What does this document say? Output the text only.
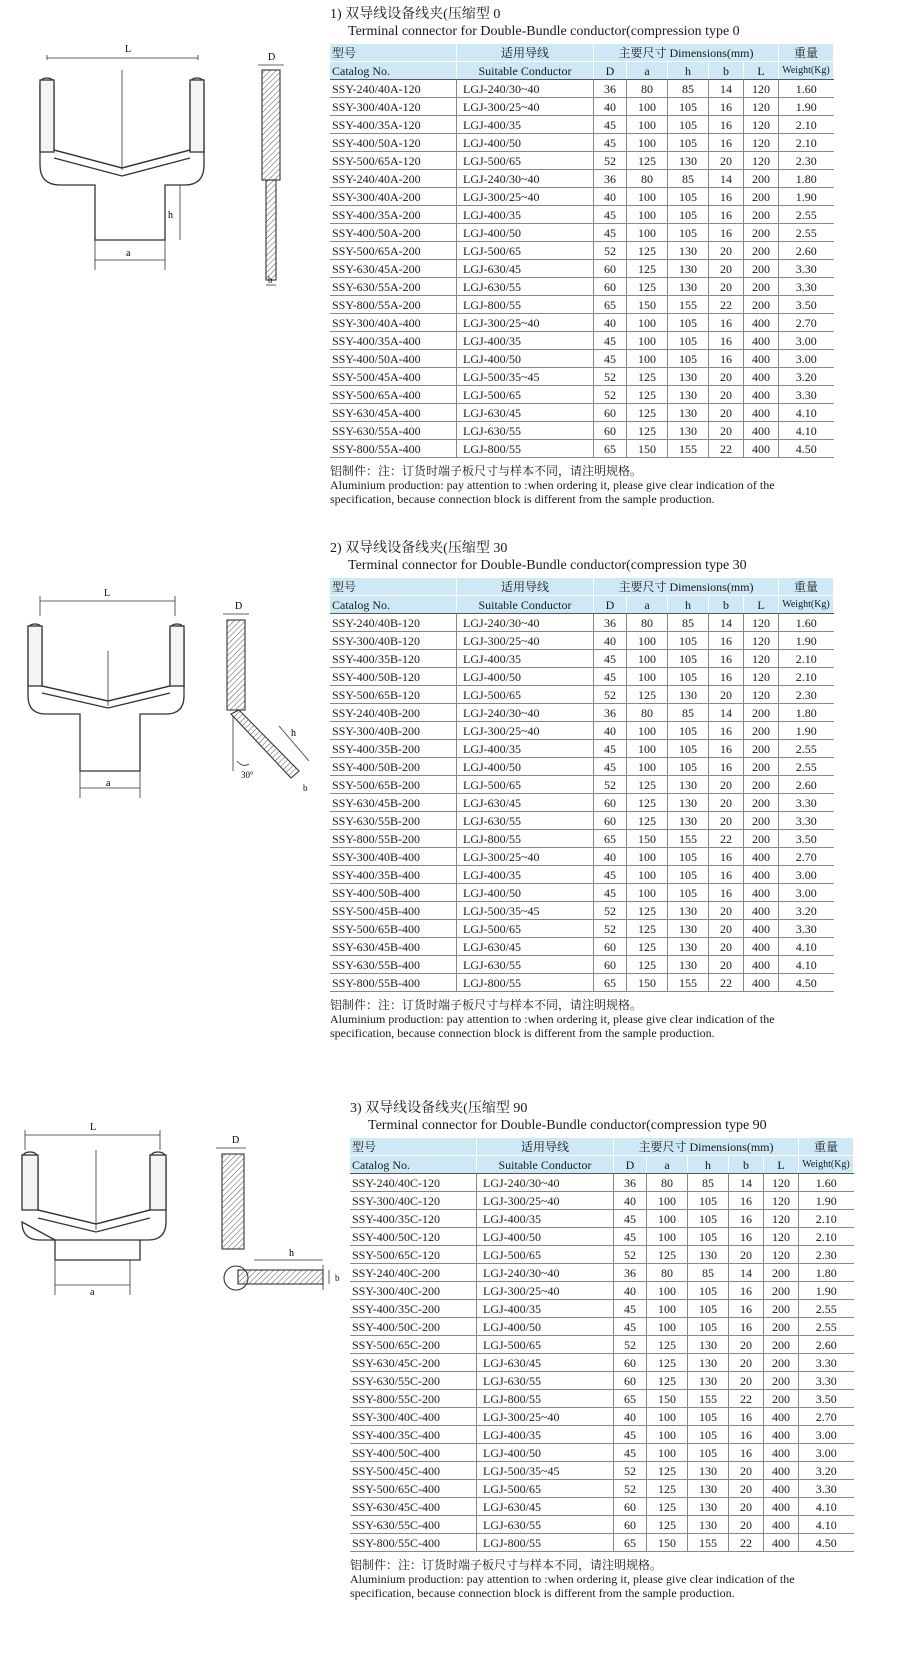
L
h
a

D
b
1) 双导线设备线夹(压缩型 0
Terminal connector for Double-Bundle conductor(compression type 0
型号	适用导线	主要尺寸 Dimensions(mm)					重量
Catalog No.	Suitable Conductor	D	a	h	b	L	Weight(Kg)
SSY-240/40A-120	LGJ-240/30~40	36	80	85	14	120	1.60
SSY-300/40A-120	LGJ-300/25~40	40	100	105	16	120	1.90
SSY-400/35A-120	LGJ-400/35	45	100	105	16	120	2.10
SSY-400/50A-120	LGJ-400/50	45	100	105	16	120	2.10
SSY-500/65A-120	LGJ-500/65	52	125	130	20	120	2.30
SSY-240/40A-200	LGJ-240/30~40	36	80	85	14	200	1.80
SSY-300/40A-200	LGJ-300/25~40	40	100	105	16	200	1.90
SSY-400/35A-200	LGJ-400/35	45	100	105	16	200	2.55
SSY-400/50A-200	LGJ-400/50	45	100	105	16	200	2.55
SSY-500/65A-200	LGJ-500/65	52	125	130	20	200	2.60
SSY-630/45A-200	LGJ-630/45	60	125	130	20	200	3.30
SSY-630/55A-200	LGJ-630/55	60	125	130	20	200	3.30
SSY-800/55A-200	LGJ-800/55	65	150	155	22	200	3.50
SSY-300/40A-400	LGJ-300/25~40	40	100	105	16	400	2.70
SSY-400/35A-400	LGJ-400/35	45	100	105	16	400	3.00
SSY-400/50A-400	LGJ-400/50	45	100	105	16	400	3.00
SSY-500/45A-400	LGJ-500/35~45	52	125	130	20	400	3.20
SSY-500/65A-400	LGJ-500/65	52	125	130	20	400	3.30
SSY-630/45A-400	LGJ-630/45	60	125	130	20	400	4.10
SSY-630/55A-400	LGJ-630/55	60	125	130	20	400	4.10
SSY-800/55A-400	LGJ-800/55	65	150	155	22	400	4.50
铝制件：注：订货时端子板尺寸与样本不同，请注明规格。
Aluminium production: pay attention to :when ordering it, please give clear indication of the
specification, because connection block is different from the sample production.
L
a

D
h
30°
b
2) 双导线设备线夹(压缩型 30
Terminal connector for Double-Bundle conductor(compression type 30
型号	适用导线	主要尺寸 Dimensions(mm)					重量
Catalog No.	Suitable Conductor	D	a	h	b	L	Weight(Kg)
SSY-240/40B-120	LGJ-240/30~40	36	80	85	14	120	1.60
SSY-300/40B-120	LGJ-300/25~40	40	100	105	16	120	1.90
SSY-400/35B-120	LGJ-400/35	45	100	105	16	120	2.10
SSY-400/50B-120	LGJ-400/50	45	100	105	16	120	2.10
SSY-500/65B-120	LGJ-500/65	52	125	130	20	120	2.30
SSY-240/40B-200	LGJ-240/30~40	36	80	85	14	200	1.80
SSY-300/40B-200	LGJ-300/25~40	40	100	105	16	200	1.90
SSY-400/35B-200	LGJ-400/35	45	100	105	16	200	2.55
SSY-400/50B-200	LGJ-400/50	45	100	105	16	200	2.55
SSY-500/65B-200	LGJ-500/65	52	125	130	20	200	2.60
SSY-630/45B-200	LGJ-630/45	60	125	130	20	200	3.30
SSY-630/55B-200	LGJ-630/55	60	125	130	20	200	3.30
SSY-800/55B-200	LGJ-800/55	65	150	155	22	200	3.50
SSY-300/40B-400	LGJ-300/25~40	40	100	105	16	400	2.70
SSY-400/35B-400	LGJ-400/35	45	100	105	16	400	3.00
SSY-400/50B-400	LGJ-400/50	45	100	105	16	400	3.00
SSY-500/45B-400	LGJ-500/35~45	52	125	130	20	400	3.20
SSY-500/65B-400	LGJ-500/65	52	125	130	20	400	3.30
SSY-630/45B-400	LGJ-630/45	60	125	130	20	400	4.10
SSY-630/55B-400	LGJ-630/55	60	125	130	20	400	4.10
SSY-800/55B-400	LGJ-800/55	65	150	155	22	400	4.50
铝制件：注：订货时端子板尺寸与样本不同，请注明规格。
Aluminium production: pay attention to :when ordering it, please give clear indication of the
specification, because connection block is different from the sample production.
L
a

D
h
b
3) 双导线设备线夹(压缩型 90
Terminal connector for Double-Bundle conductor(compression type 90
型号	适用导线	主要尺寸 Dimensions(mm)					重量
Catalog No.	Suitable Conductor	D	a	h	b	L	Weight(Kg)
SSY-240/40C-120	LGJ-240/30~40	36	80	85	14	120	1.60
SSY-300/40C-120	LGJ-300/25~40	40	100	105	16	120	1.90
SSY-400/35C-120	LGJ-400/35	45	100	105	16	120	2.10
SSY-400/50C-120	LGJ-400/50	45	100	105	16	120	2.10
SSY-500/65C-120	LGJ-500/65	52	125	130	20	120	2.30
SSY-240/40C-200	LGJ-240/30~40	36	80	85	14	200	1.80
SSY-300/40C-200	LGJ-300/25~40	40	100	105	16	200	1.90
SSY-400/35C-200	LGJ-400/35	45	100	105	16	200	2.55
SSY-400/50C-200	LGJ-400/50	45	100	105	16	200	2.55
SSY-500/65C-200	LGJ-500/65	52	125	130	20	200	2.60
SSY-630/45C-200	LGJ-630/45	60	125	130	20	200	3.30
SSY-630/55C-200	LGJ-630/55	60	125	130	20	200	3.30
SSY-800/55C-200	LGJ-800/55	65	150	155	22	200	3.50
SSY-300/40C-400	LGJ-300/25~40	40	100	105	16	400	2.70
SSY-400/35C-400	LGJ-400/35	45	100	105	16	400	3.00
SSY-400/50C-400	LGJ-400/50	45	100	105	16	400	3.00
SSY-500/45C-400	LGJ-500/35~45	52	125	130	20	400	3.20
SSY-500/65C-400	LGJ-500/65	52	125	130	20	400	3.30
SSY-630/45C-400	LGJ-630/45	60	125	130	20	400	4.10
SSY-630/55C-400	LGJ-630/55	60	125	130	20	400	4.10
SSY-800/55C-400	LGJ-800/55	65	150	155	22	400	4.50
铝制件：注：订货时端子板尺寸与样本不同，请注明规格。
Aluminium production: pay attention to :when ordering it, please give clear indication of the
specification, because connection block is different from the sample production.
